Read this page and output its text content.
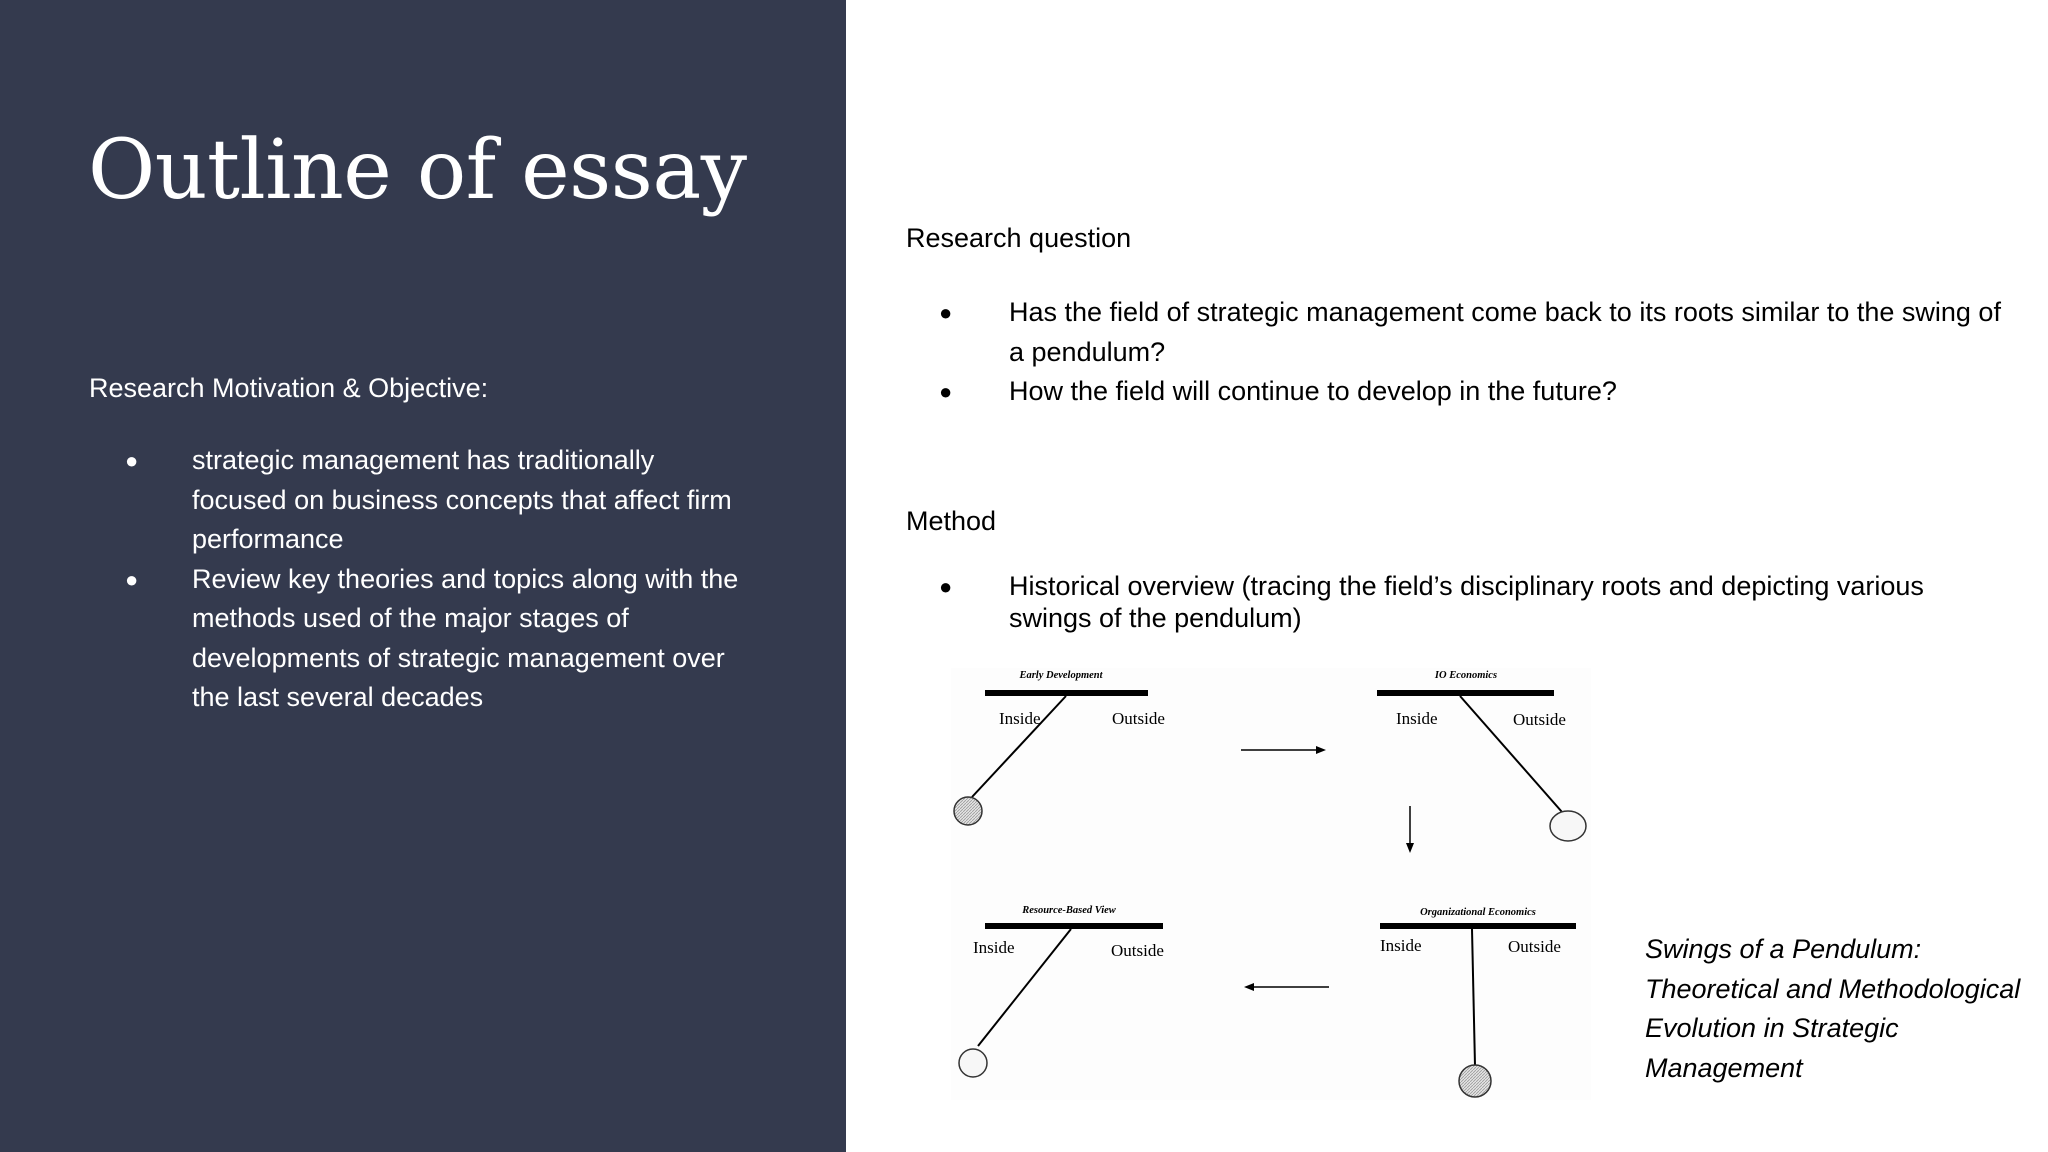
Outline of essay
Research Motivation & Objective:
● strategic management has traditionally focused on business concepts that affect firm performance
● Review key theories and topics along with the methods used of the major stages of developments of strategic management over the last several decades
Research question
● Has the field of strategic management come back to its roots similar to the swing of a pendulum?
● How the field will continue to develop in the future?
Method
● Historical overview (tracing the field’s disciplinary roots and depicting various swings of the pendulum)
Early Development
Inside	Outside
IO Economics
Inside	Outside
Resource-Based View
Inside	Outside
Organizational Economics
Inside	Outside	Swings of a Pendulum: Theoretical and Methodological Evolution in Strategic Management
